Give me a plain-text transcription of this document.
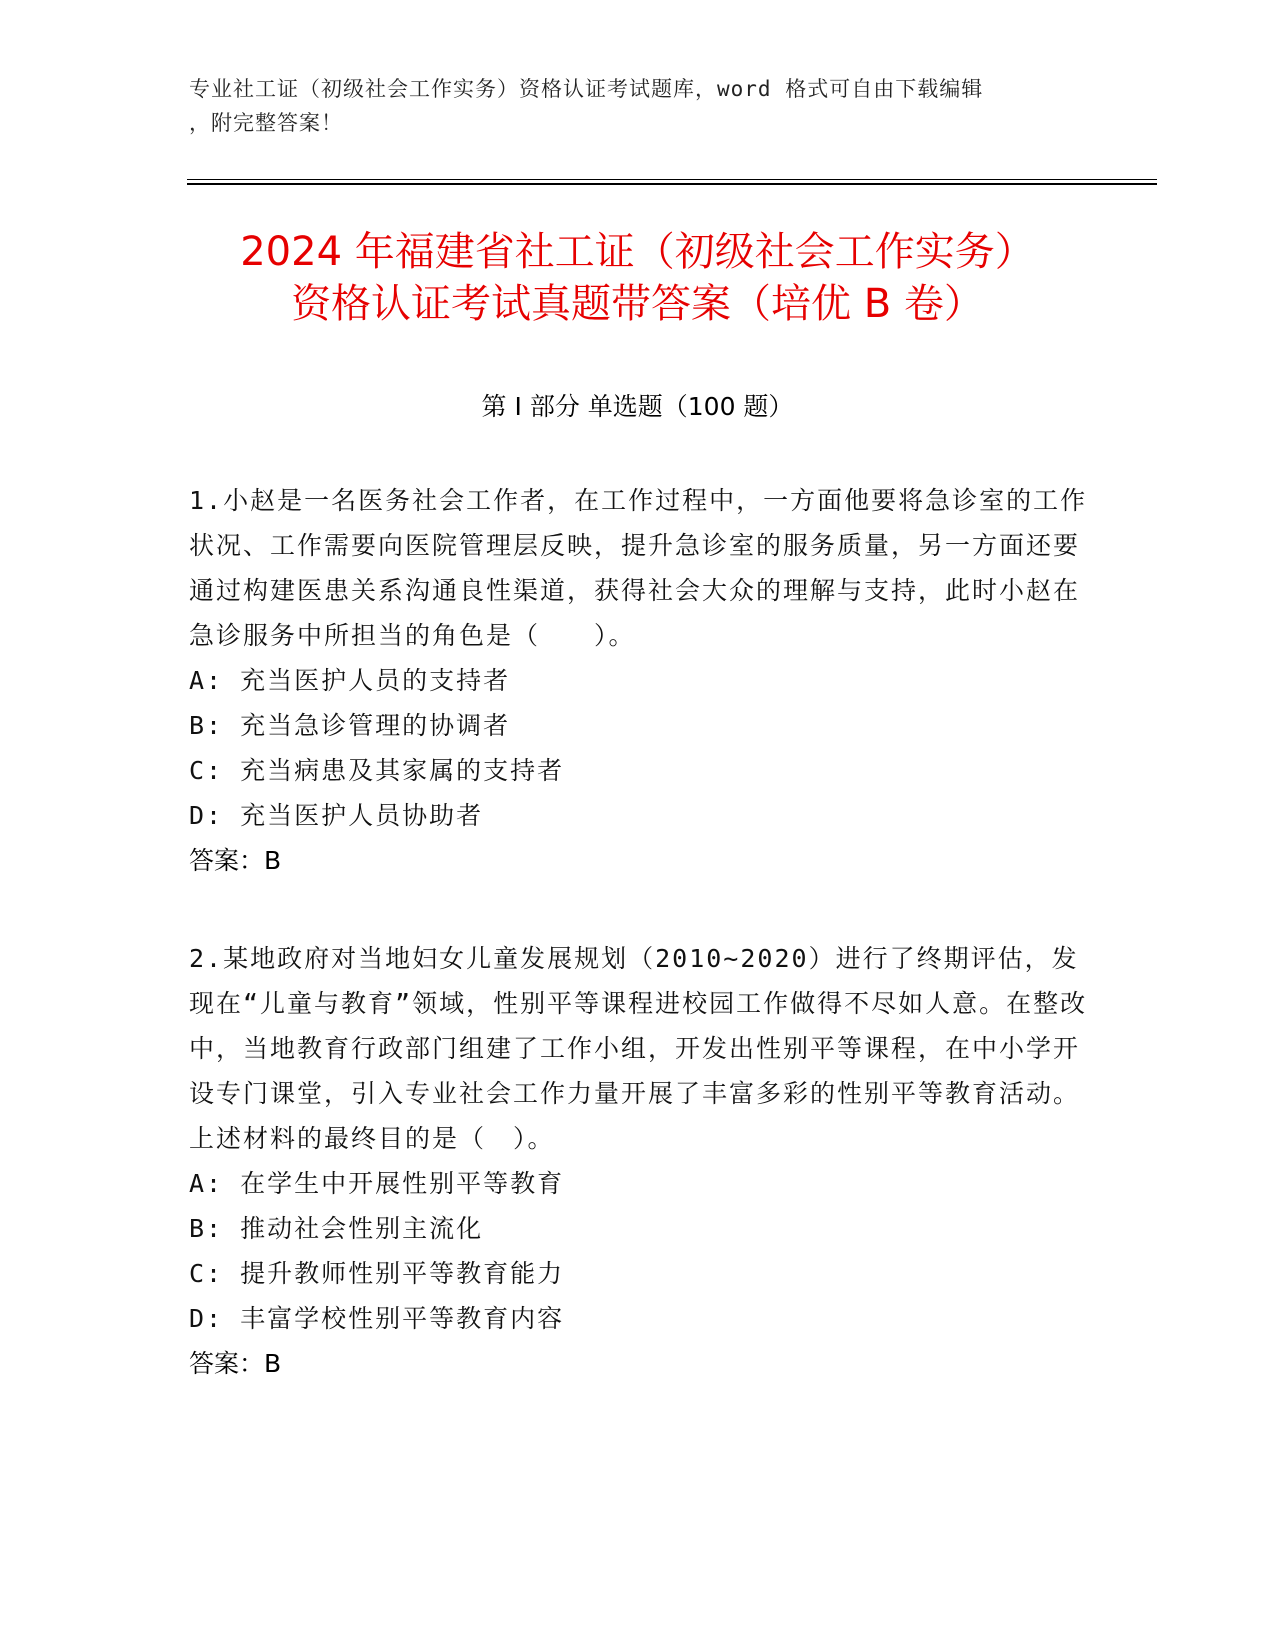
专业社工证（初级社会工作实务）资格认证考试题库，word 格式可自由下载编辑
，附完整答案！
2024 年福建省社工证（初级社会工作实务）
资格认证考试真题带答案（培优 B 卷）
第 I 部分 单选题（100 题）

1.小赵是一名医务社会工作者，在工作过程中，一方面他要将急诊室的工作状况、工作需要向医院管理层反映，提升急诊室的服务质量，另一方面还要通过构建医患关系沟通良性渠道，获得社会大众的理解与支持，此时小赵在急诊服务中所担当的角色是（　　）。

A: 充当医护人员的支持者
B: 充当急诊管理的协调者
C: 充当病患及其家属的支持者
D: 充当医护人员协助者

答案：B

2.某地政府对当地妇女儿童发展规划（2010~2020）进行了终期评估，发现在“儿童与教育”领域，性别平等课程进校园工作做得不尽如人意。在整改中，当地教育行政部门组建了工作小组，开发出性别平等课程，在中小学开设专门课堂，引入专业社会工作力量开展了丰富多彩的性别平等教育活动。上述材料的最终目的是（　）。

A: 在学生中开展性别平等教育
B: 推动社会性别主流化
C: 提升教师性别平等教育能力
D: 丰富学校性别平等教育内容

答案：B
